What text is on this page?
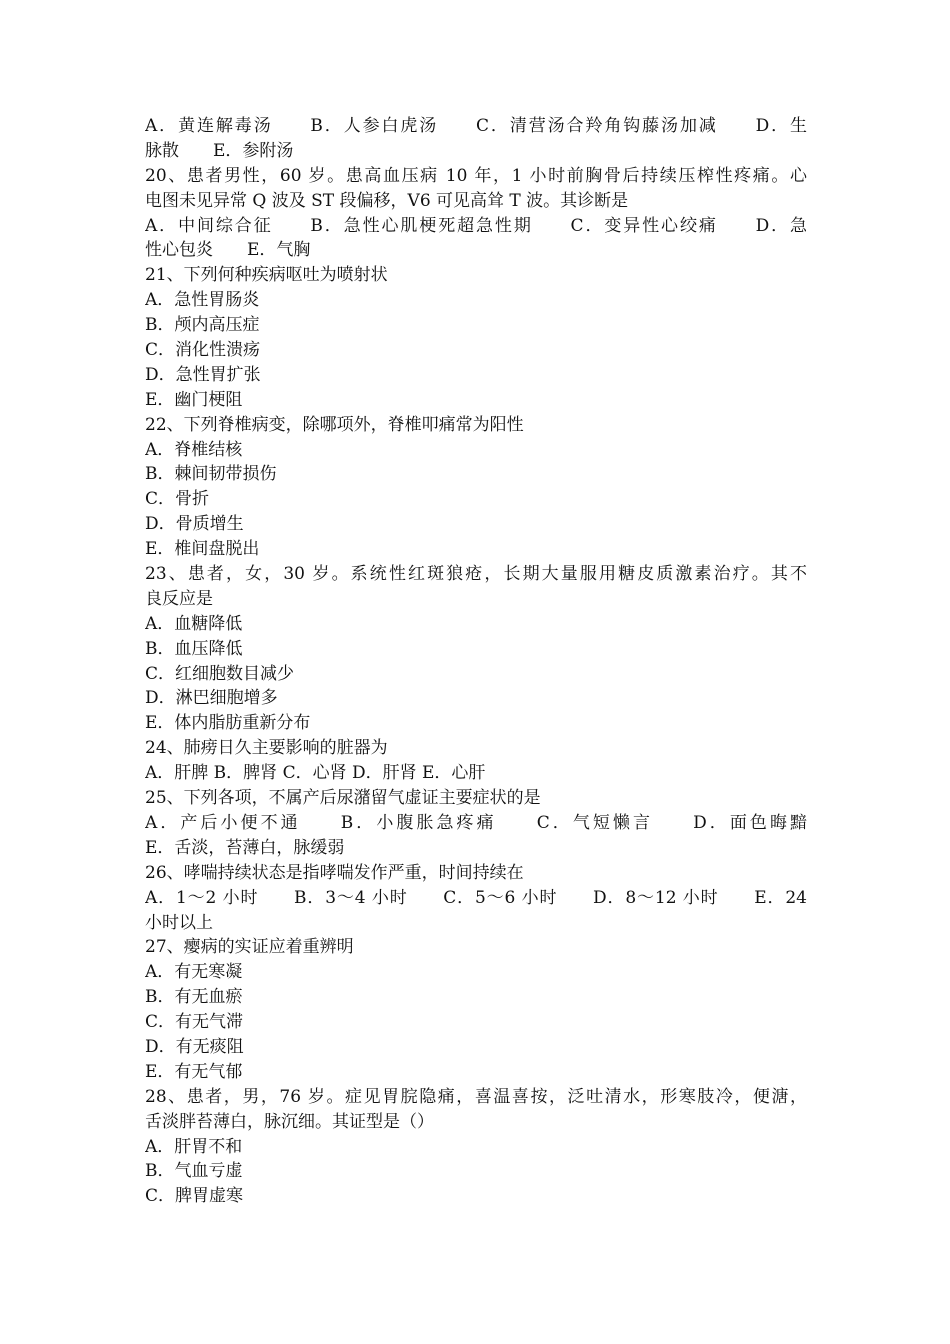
A．黄连解毒汤　　B．人参白虎汤　　C．清营汤合羚角钩藤汤加减　　D．生
脉散　　E．参附汤
20、患者男性，60 岁。患高血压病 10 年，1 小时前胸骨后持续压榨性疼痛。心
电图未见异常 Q 波及 ST 段偏移，V6 可见高耸 T 波。其诊断是
A．中间综合征　　B．急性心肌梗死超急性期　　C．变异性心绞痛　　D．急
性心包炎　　E．气胸
21、下列何种疾病呕吐为喷射状
A．急性胃肠炎
B．颅内高压症
C．消化性溃疡
D．急性胃扩张
E．幽门梗阻
22、下列脊椎病变，除哪项外，脊椎叩痛常为阳性
A．脊椎结核
B．棘间韧带损伤
C．骨折
D．骨质增生
E．椎间盘脱出
23、患者，女，30 岁。系统性红斑狼疮，长期大量服用糖皮质激素治疗。其不
良反应是
A．血糖降低
B．血压降低
C．红细胞数目减少
D．淋巴细胞增多
E．体内脂肪重新分布
24、肺痨日久主要影响的脏器为
A．肝脾 B．脾肾 C．心肾 D．肝肾 E．心肝
25、下列各项，不属产后尿潴留气虚证主要症状的是
A．产后小便不通　　B．小腹胀急疼痛　　C．气短懒言　　D．面色晦黯
E．舌淡，苔薄白，脉缓弱
26、哮喘持续状态是指哮喘发作严重，时间持续在
A．1～2 小时　　B．3～4 小时　　C．5～6 小时　　D．8～12 小时　　E．24
小时以上
27、瘿病的实证应着重辨明
A．有无寒凝
B．有无血瘀
C．有无气滞
D．有无痰阻
E．有无气郁
28、患者，男，76 岁。症见胃脘隐痛，喜温喜按，泛吐清水，形寒肢冷，便溏，
舌淡胖苔薄白，脉沉细。其证型是（）
A．肝胃不和
B．气血亏虚
C．脾胃虚寒
